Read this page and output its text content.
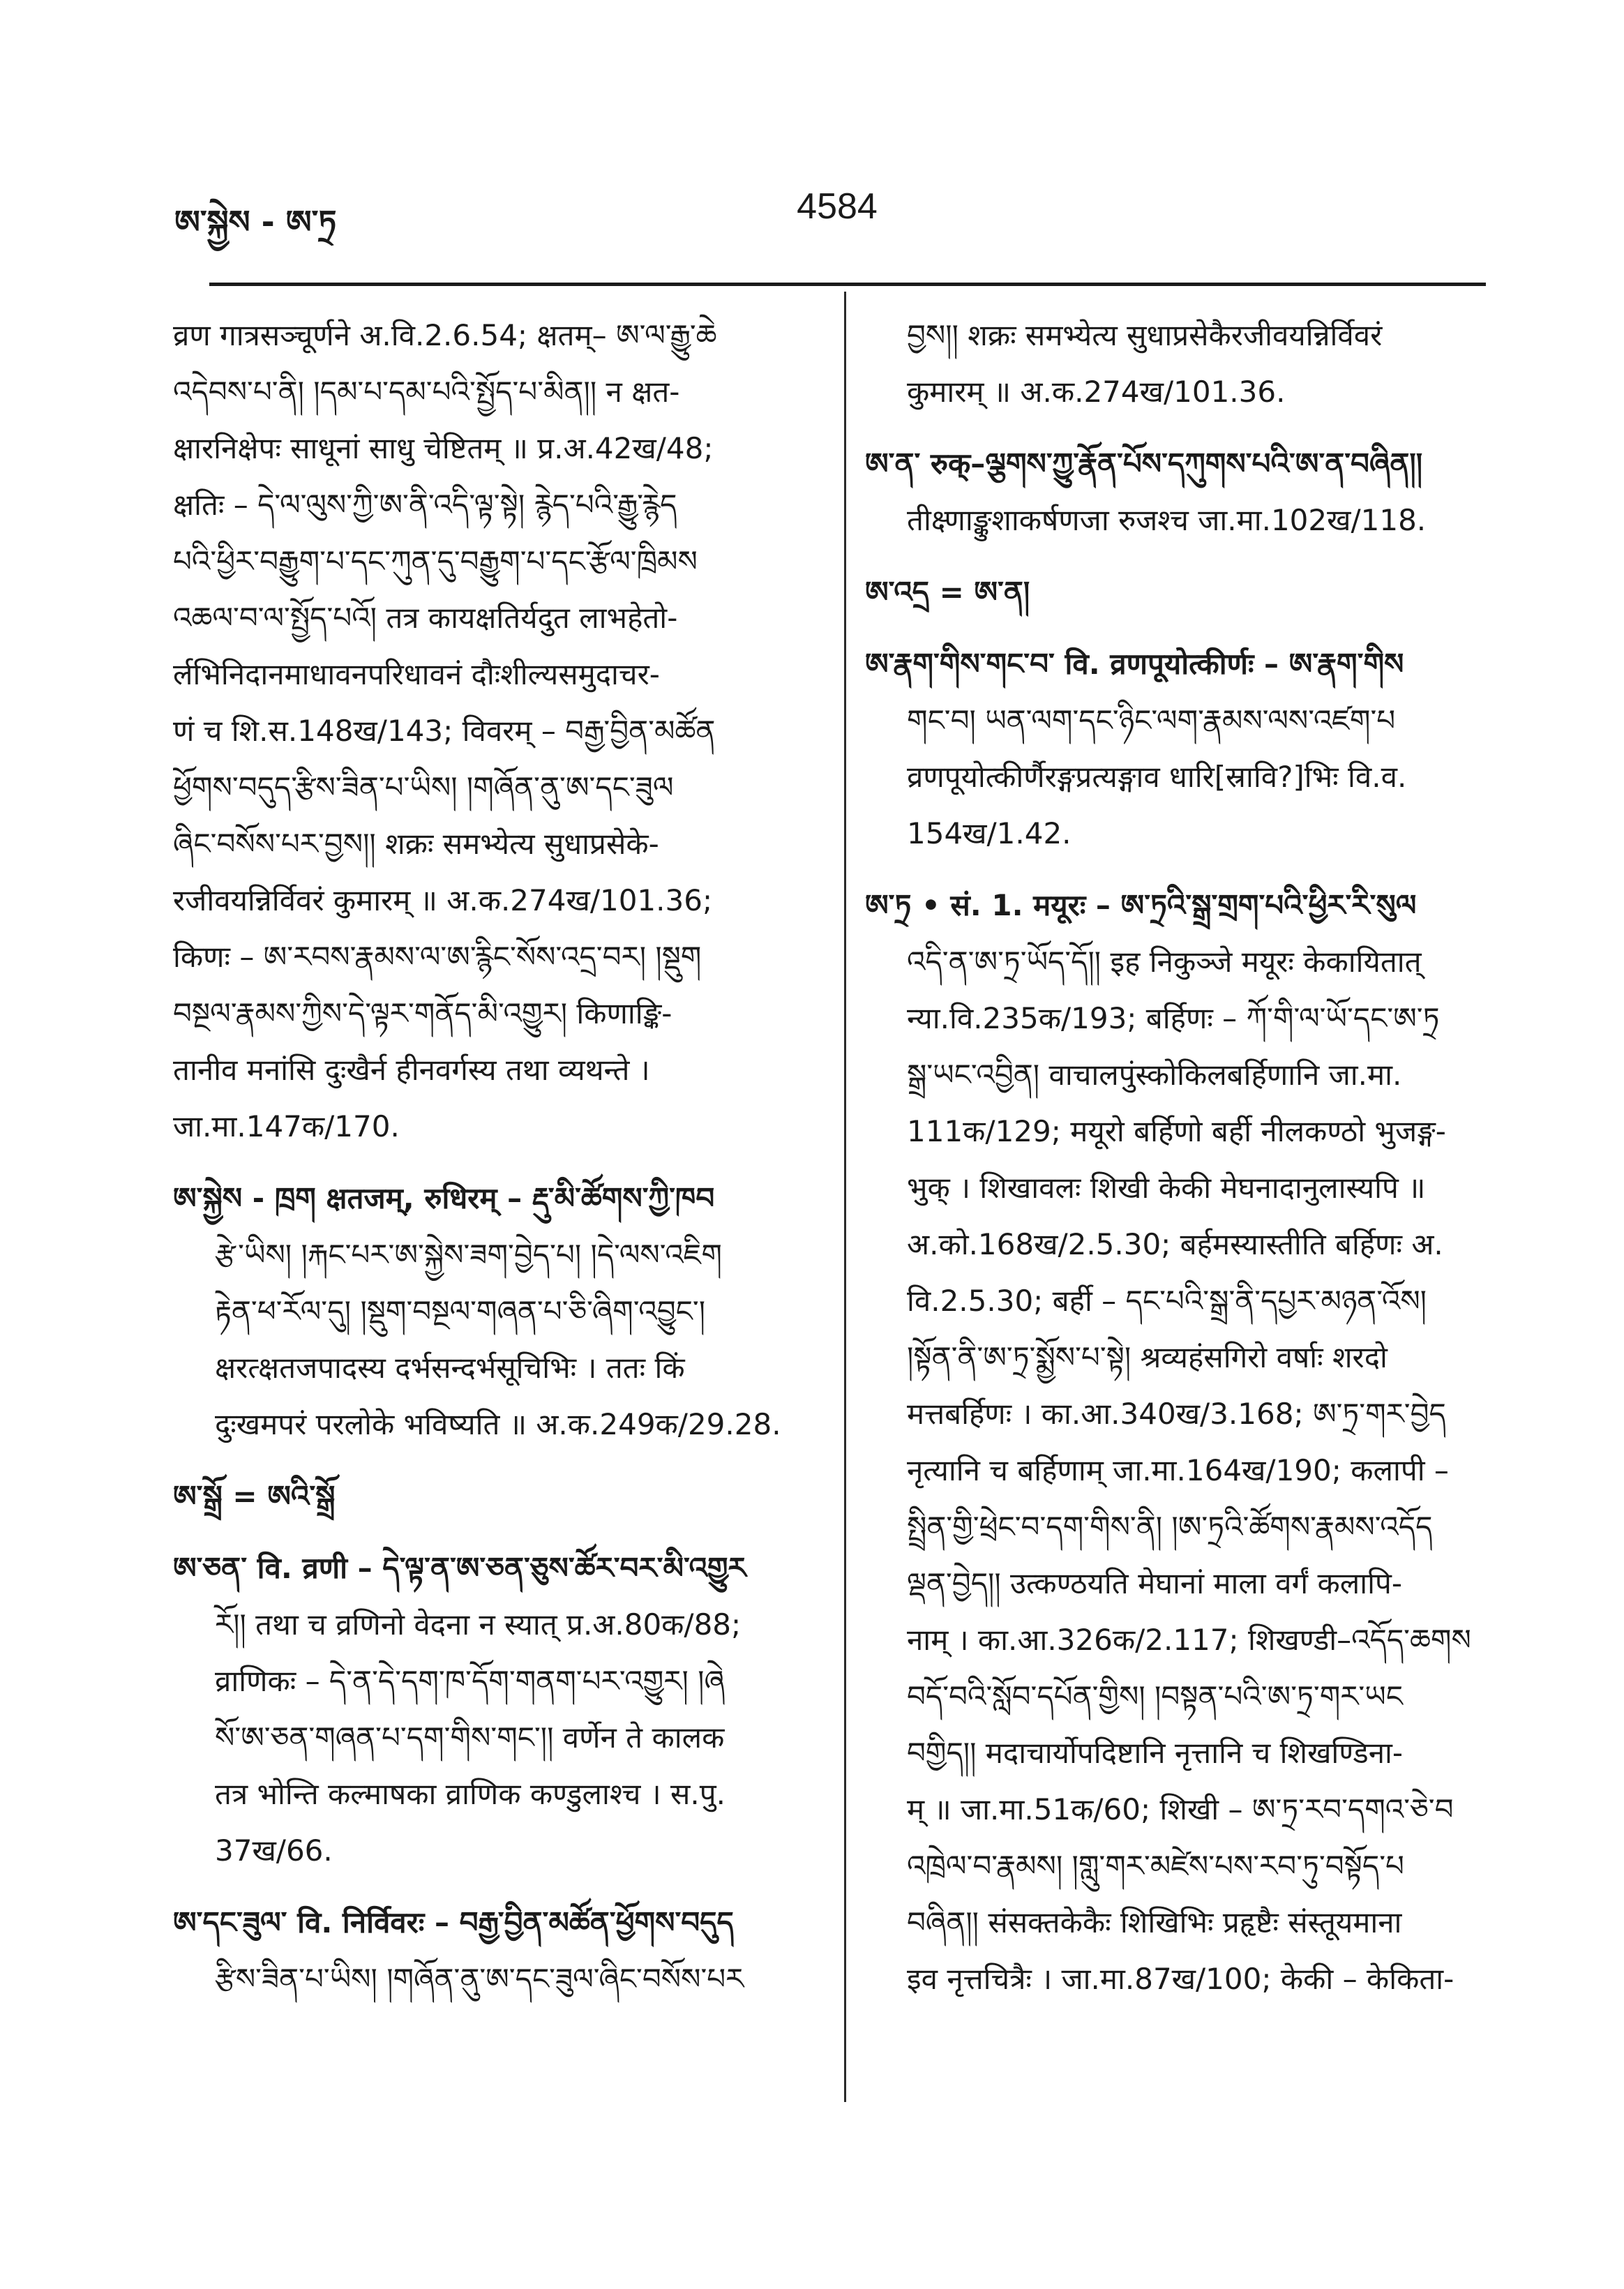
ཨ་སྐྱེས - ཨ་ཏྲ	4584
व्रण गात्रसञ्चूर्णने अ.वि.2.6.54; क्षतम्– ཨ་ལ་རྒྱུ་ཆེ
འདེབས་པ་ནི། །དམ་པ་དམ་པའི་སྤྱོད་པ་མིན།། न क्षत-
क्षारनिक्षेपः साधूनां साधु चेष्टितम् ॥ प्र.अ.42ख/48;
क्षतिः – དེ་ལ་ལུས་ཀྱི་ཨ་ནི་འདི་ལྟ་སྟེ། རྙེད་པའི་རྒྱུ་རྙེད
པའི་ཕྱིར་བརྒྱུག་པ་དང་ཀུན་དུ་བརྒྱུག་པ་དང་རྩོལ་ཁྲིམས
འཆལ་བ་ལ་སྤྱོད་པའོ། तत्र कायक्षतिर्यदुत लाभहेतो-
र्लभिनिदानमाधावनपरिधावनं दौःशील्यसमुदाचर-
णं च शि.स.148ख/143; विवरम् – བརྒྱ་བྱིན་མཚོན
ཕྱོགས་བདུད་རྩིས་ཟིན་པ་ཡིས། །གཞོན་ནུ་ཨ་དང་ཟུལ
ཞིང་བསོས་པར་བྱས།། शक्रः समभ्येत्य सुधाप्रसेके-
रजीवयन्निर्विवरं कुमारम् ॥ अ.क.274ख/101.36;
किणः – ཨ་རབས་རྣམས་ལ་ཨ་རྙིང་སོས་འདྲ་བར། །སྡུག
བསྔལ་རྣམས་ཀྱིས་དེ་ལྟར་གནོད་མི་འགྱུར། किणाङ्कि-
तानीव मनांसि दुःखैर्न हीनवर्गस्य तथा व्यथन्ते ।
जा.मा.147क/170.
ཨ་སྐྱེས - ཁྲག क्षतजम्, रुधिरम् – རྡུ་མི་ཚོགས་ཀྱི་ཁབ
རྩེ་ཡིས། །རྐང་པར་ཨ་སྐྱེས་ཟག་བྱེད་པ། །དེ་ལས་འཇིག
རྟེན་ཕ་རོལ་དུ། །སྡུག་བསྔལ་གཞན་པ་ཅི་ཞིག་འབྱུང་།
क्षरत्क्षतजपादस्य दर्भसन्दर्भसूचिभिः । ततः किं
दुःखमपरं परलोके भविष्यति ॥ अ.क.249क/29.28.
ཨ་སྒྲོ = ཨའི་སྒྲོ
ཨ་ཅན་ वि. व्रणी – དེ་ལྟ་ན་ཨ་ཅན་ཅུས་ཚོར་བར་མི་འགྱུར
རོ།། तथा च व्रणिनो वेदना न स्यात् प्र.अ.80क/88;
व्राणिकः – དེ་ན་དེ་དག་ཁ་དོག་གནག་པར་འགྱུར། །ཞེ
སོ་ཨ་ཅན་གཞན་པ་དག་གིས་གང་།། वर्णेन ते कालक
तत्र भोन्ति कल्माषका व्राणिक कण्डुलाश्च । स.पु.
37ख/66.
ཨ་དང་ཟུལ་ वि. निर्विवरः – བརྒྱ་བྱིན་མཚོན་ཕྱོགས་བདུད
རྩིས་ཟིན་པ་ཡིས། །གཞོན་ནུ་ཨ་དང་ཟུལ་ཞིང་བསོས་པར
བྱས།། शक्रः समभ्येत्य सुधाप्रसेकैरजीवयन्निर्विवरं
कुमारम् ॥ अ.क.274ख/101.36.
ཨ་ན་ रुक्–ལྕགས་ཀྱུ་རྣོན་པོས་དཀུགས་པའི་ཨ་ན་བཞིན།།
तीक्ष्णाङ्कुशाकर्षणजा रुजश्च जा.मा.102ख/118.
ཨ་འདྲ = ཨ་ན།
ཨ་རྣག་གིས་གང་བ་ वि. व्रणपूयोत्कीर्णः – ཨ་རྣག་གིས
གང་བ། ཡན་ལག་དང་ཉིང་ལག་རྣམས་ལས་འཛག་པ
व्रणपूयोत्कीर्णैरङ्गप्रत्यङ्गाव धारि[स्रावि?]भिः वि.व.
154ख/1.42.
ཨ་ཏྲ • सं. 1. मयूरः – ཨ་ཏྲའི་སྒྲ་གྲག་པའི་ཕྱིར་རི་སུལ
འདི་ན་ཨ་ཏྲ་ཡོད་དོ།། इह निकुञ्जे मयूरः केकायितात्
न्या.वि.235क/193; बर्हिणः – ཀོ་གི་ལ་ཡོ་དང་ཨ་ཏྲ
སྒྲ་ཡང་འབྱིན། वाचालपुंस्कोकिलबर्हिणानि जा.मा.
111क/129; मयूरो बर्हिणो बर्ही नीलकण्ठो भुजङ्ग-
भुक् । शिखावलः शिखी केकी मेघनादानुलास्यपि ॥
अ.को.168ख/2.5.30; बर्हमस्यास्तीति बर्हिणः अ.
वि.2.5.30; बर्ही – དང་པའི་སྒྲ་ནི་དཔྱར་མཉན་འོས།
།སྟོན་ནི་ཨ་ཏྲ་སྨྱོས་པ་སྟེ། श्रव्यहंसगिरो वर्षाः शरदो
मत्तबर्हिणः । का.आ.340ख/3.168; ཨ་ཏྲ་གར་བྱེད
नृत्यानि च बर्हिणाम् जा.मा.164ख/190; कलापी –
སྤྲིན་གྱི་ཕྲེང་བ་དག་གིས་ནི། །ཨ་ཏྲའི་ཚོགས་རྣམས་འདོད
ལྡན་བྱེད།། उत्कण्ठयति मेघानां माला वर्गं कलापि-
नाम् । का.आ.326क/2.117; शिखण्डी–འདོད་ཆགས
བདོ་བའི་སློབ་དཔོན་གྱིས། །བསྟན་པའི་ཨ་ཏྲ་གར་ཡང
བགྱིད།། मदाचार्योपदिष्टानि नृत्तानि च शिखण्डिना-
म् ॥ जा.मा.51क/60; शिखी – ཨ་ཏྲ་རབ་དགའ་ཅེ་བ
འཁྲེལ་བ་རྣམས། །གླུ་གར་མཛེས་པས་རབ་ཏུ་བསྟོད་པ
བཞིན།། संसक्तकेकैः शिखिभिः प्रहृष्टैः संस्तूयमाना
इव नृत्तचित्रैः । जा.मा.87ख/100; केकी – केकिता-
